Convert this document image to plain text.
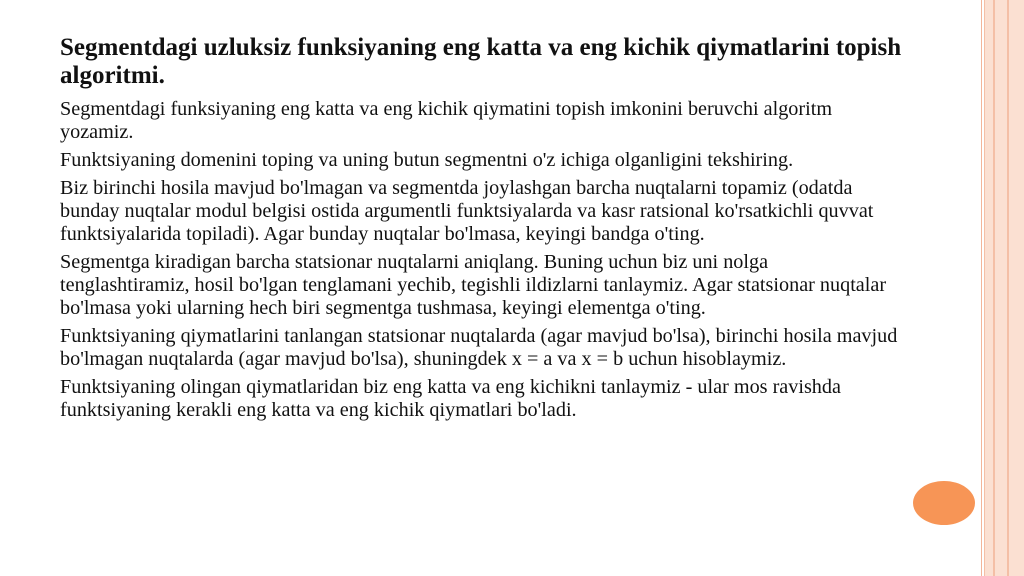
Segmentdagi uzluksiz funksiyaning eng katta va eng kichik qiymatlarini topish algoritmi.

Segmentdagi funksiyaning eng katta va eng kichik qiymatini topish imkonini beruvchi algoritm yozamiz.

Funktsiyaning domenini toping va uning butun segmentni o'z ichiga olganligini tekshiring.

Biz birinchi hosila mavjud bo'lmagan va segmentda joylashgan barcha nuqtalarni topamiz (odatda bunday nuqtalar modul belgisi ostida argumentli funktsiyalarda va kasr ratsional ko'rsatkichli quvvat funktsiyalarida topiladi). Agar bunday nuqtalar bo'lmasa, keyingi bandga o'ting.

Segmentga kiradigan barcha statsionar nuqtalarni aniqlang. Buning uchun biz uni nolga tenglashtiramiz, hosil bo'lgan tenglamani yechib, tegishli ildizlarni tanlaymiz. Agar statsionar nuqtalar bo'lmasa yoki ularning hech biri segmentga tushmasa, keyingi elementga o'ting.

Funktsiyaning qiymatlarini tanlangan statsionar nuqtalarda (agar mavjud bo'lsa), birinchi hosila mavjud bo'lmagan nuqtalarda (agar mavjud bo'lsa), shuningdek x = a va x = b uchun hisoblaymiz.

Funktsiyaning olingan qiymatlaridan biz eng katta va eng kichikni tanlaymiz - ular mos ravishda funktsiyaning kerakli eng katta va eng kichik qiymatlari bo'ladi.
